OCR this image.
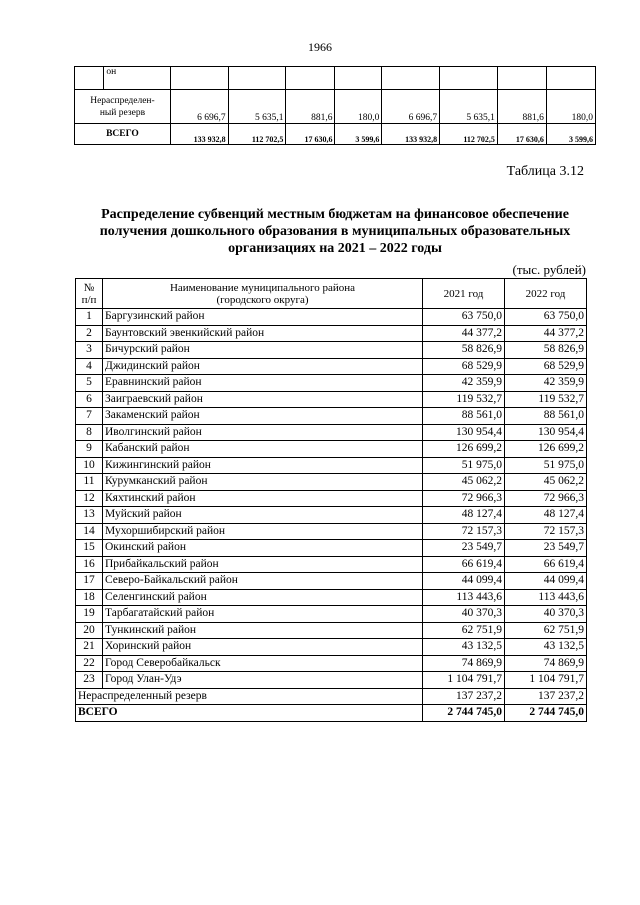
1966
	он								
Нераспределен-
ный резерв		6 696,7	5 635,1	881,6	180,0	6 696,7	5 635,1	881,6	180,0
ВСЕГО		133 932,8	112 702,5	17 630,6	3 599,6	133 932,8	112 702,5	17 630,6	3 599,6
Таблица 3.12
Распределение субвенций местным бюджетам на финансовое обеспечение получения дошкольного образования в муниципальных образовательных организациях на 2021 – 2022 годы
(тыс. рублей)
№
п/п	Наименование муниципального района
(городского округа)	2021 год	2022 год
1	Баргузинский район	63 750,0	63 750,0
2	Баунтовский эвенкийский район	44 377,2	44 377,2
3	Бичурский район	58 826,9	58 826,9
4	Джидинский район	68 529,9	68 529,9
5	Еравнинский район	42 359,9	42 359,9
6	Заиграевский район	119 532,7	119 532,7
7	Закаменский район	88 561,0	88 561,0
8	Иволгинский район	130 954,4	130 954,4
9	Кабанский район	126 699,2	126 699,2
10	Кижингинский район	51 975,0	51 975,0
11	Курумканский район	45 062,2	45 062,2
12	Кяхтинский район	72 966,3	72 966,3
13	Муйский район	48 127,4	48 127,4
14	Мухоршибирский район	72 157,3	72 157,3
15	Окинский район	23 549,7	23 549,7
16	Прибайкальский район	66 619,4	66 619,4
17	Северо-Байкальский район	44 099,4	44 099,4
18	Селенгинский район	113 443,6	113 443,6
19	Тарбагатайский район	40 370,3	40 370,3
20	Тункинский район	62 751,9	62 751,9
21	Хоринский район	43 132,5	43 132,5
22	Город Северобайкальск	74 869,9	74 869,9
23	Город Улан-Удэ	1 104 791,7	1 104 791,7
Нераспределенный резерв		137 237,2	137 237,2
ВСЕГО		2 744 745,0	2 744 745,0
